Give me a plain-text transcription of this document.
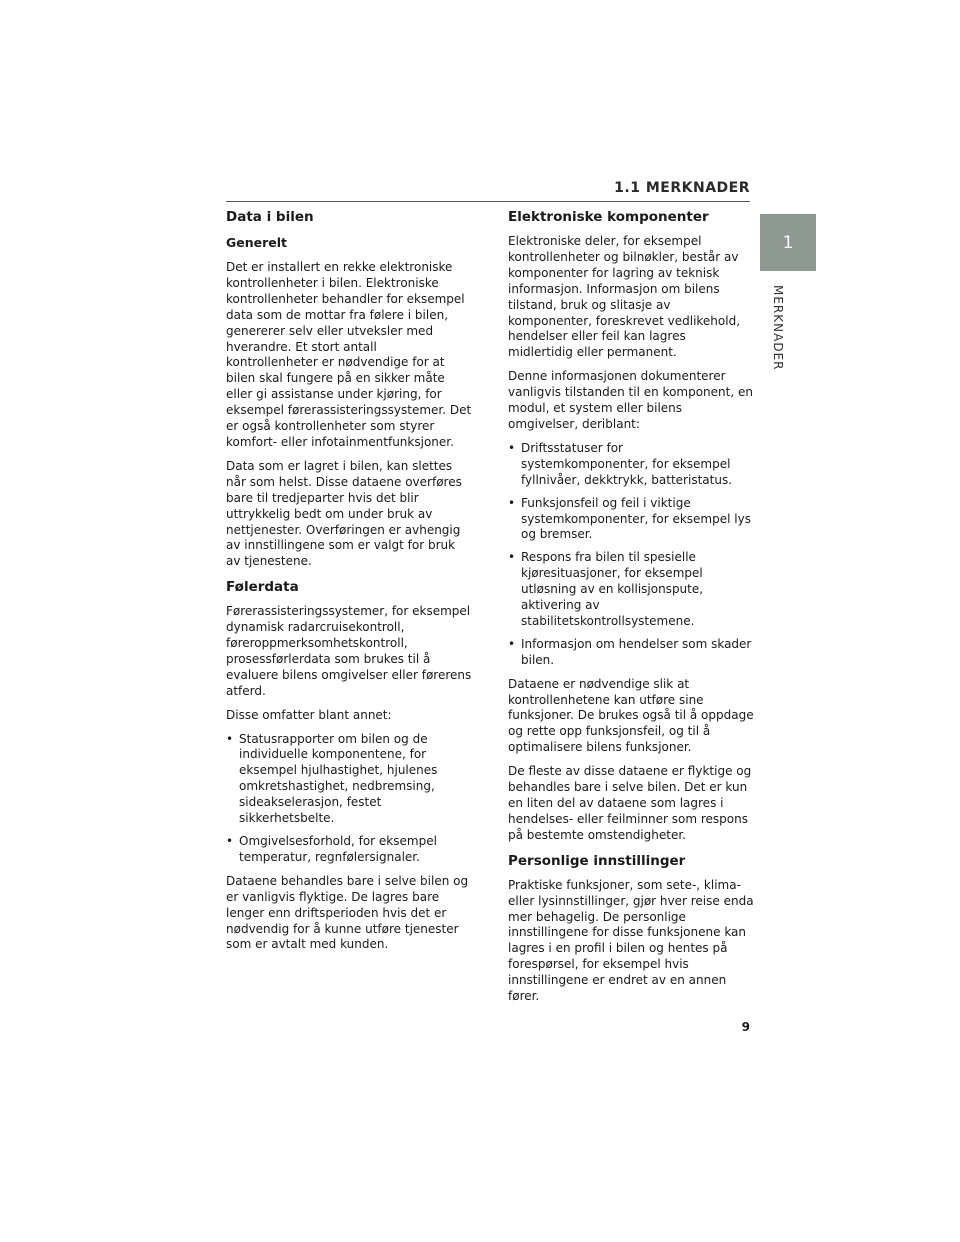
1.1 MERKNADER
1
MERKNADER
Data i bilen
Generelt

Det er installert en rekke elektroniske kontrollenheter i bilen. Elektroniske kontrollenheter behandler for eksempel data som de mottar fra følere i bilen, genererer selv eller utveksler med hverandre. Et stort antall kontrollenheter er nødvendige for at bilen skal fungere på en sikker måte eller gi assistanse under kjøring, for eksempel førerassisteringssystemer. Det er også kontrollenheter som styrer komfort- eller infotainmentfunksjoner.

Data som er lagret i bilen, kan slettes når som helst. Disse dataene overføres bare til tredjeparter hvis det blir uttrykkelig bedt om under bruk av nettjenester. Overføringen er avhengig av innstillingene som er valgt for bruk av tjenestene.

Følerdata

Førerassisteringssystemer, for eksempel dynamisk radarcruisekontroll, føreroppmerksomhetskontroll, prosessførlerdata som brukes til å evaluere bilens omgivelser eller førerens atferd.

Disse omfatter blant annet:

• Statusrapporter om bilen og de individuelle komponentene, for eksempel hjulhastighet, hjulenes omkretshastighet, nedbremsing, sideakselerasjon, festet sikkerhetsbelte.
• Omgivelsesforhold, for eksempel temperatur, regnfølersignaler.

Dataene behandles bare i selve bilen og er vanligvis flyktige. De lagres bare lenger enn driftsperioden hvis det er nødvendig for å kunne utføre tjenester som er avtalt med kunden.

Elektroniske komponenter

Elektroniske deler, for eksempel kontrollenheter og bilnøkler, består av komponenter for lagring av teknisk informasjon. Informasjon om bilens tilstand, bruk og slitasje av komponenter, foreskrevet vedlikehold, hendelser eller feil kan lagres midlertidig eller permanent.

Denne informasjonen dokumenterer vanligvis tilstanden til en komponent, en modul, et system eller bilens omgivelser, deriblant:

• Driftsstatuser for systemkomponenter, for eksempel fyllnivåer, dekktrykk, batteristatus.
• Funksjonsfeil og feil i viktige systemkomponenter, for eksempel lys og bremser.
• Respons fra bilen til spesielle kjøresituasjoner, for eksempel utløsning av en kollisjonspute, aktivering av stabilitetskontrollsystemene.
• Informasjon om hendelser som skader bilen.

Dataene er nødvendige slik at kontrollenhetene kan utføre sine funksjoner. De brukes også til å oppdage og rette opp funksjonsfeil, og til å optimalisere bilens funksjoner.

De fleste av disse dataene er flyktige og behandles bare i selve bilen. Det er kun en liten del av dataene som lagres i hendelses- eller feilminner som respons på bestemte omstendigheter.

Personlige innstillinger

Praktiske funksjoner, som sete-, klima- eller lysinnstillinger, gjør hver reise enda mer behagelig. De personlige innstillingene for disse funksjonene kan lagres i en profil i bilen og hentes på forespørsel, for eksempel hvis innstillingene er endret av en annen fører.

9
